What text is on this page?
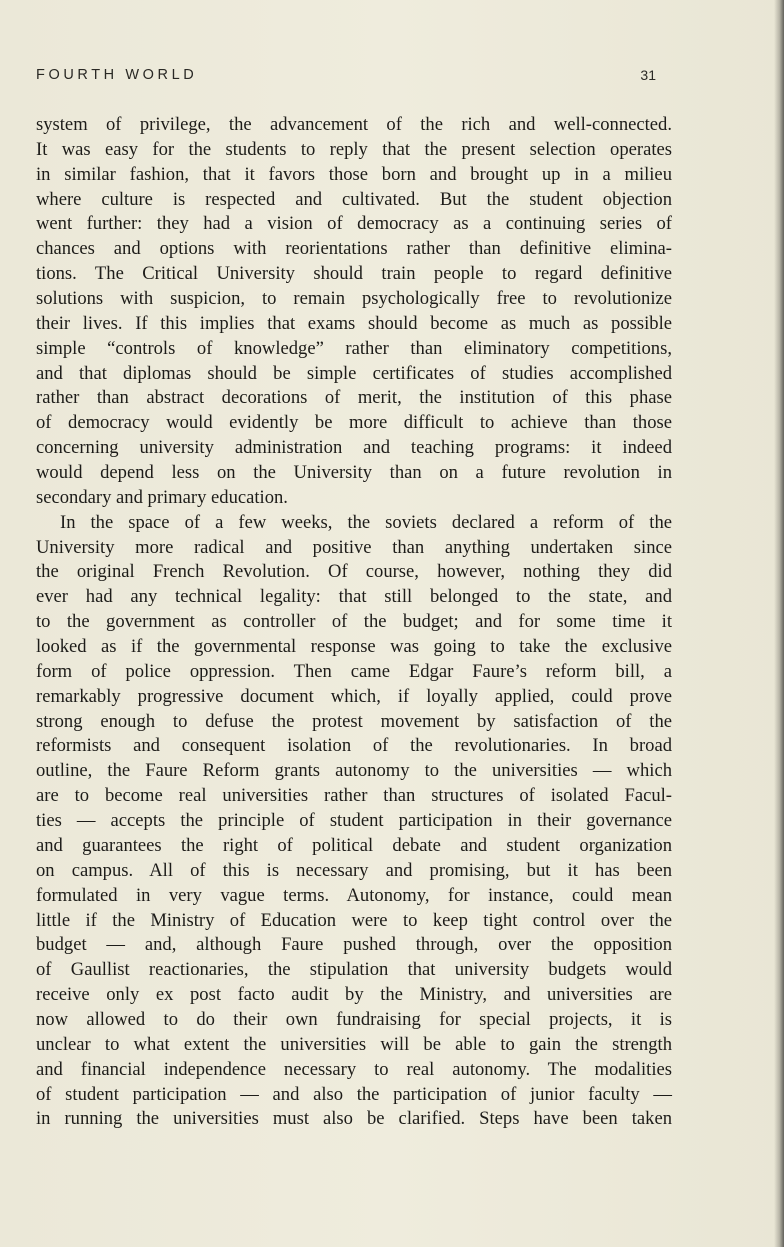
FOURTH WORLD	31
system of privilege, the advancement of the rich and well-connected.
It was easy for the students to reply that the present selection operates
in similar fashion, that it favors those born and brought up in a milieu
where culture is respected and cultivated. But the student objection
went further: they had a vision of democracy as a continuing series of
chances and options with reorientations rather than definitive elimina-
tions. The Critical University should train people to regard definitive
solutions with suspicion, to remain psychologically free to revolutionize
their lives. If this implies that exams should become as much as possible
simple “controls of knowledge” rather than eliminatory competitions,
and that diplomas should be simple certificates of studies accomplished
rather than abstract decorations of merit, the institution of this phase
of democracy would evidently be more difficult to achieve than those
concerning university administration and teaching programs: it indeed
would depend less on the University than on a future revolution in
secondary and primary education.
In the space of a few weeks, the soviets declared a reform of the
University more radical and positive than anything undertaken since
the original French Revolution. Of course, however, nothing they did
ever had any technical legality: that still belonged to the state, and
to the government as controller of the budget; and for some time it
looked as if the governmental response was going to take the exclusive
form of police oppression. Then came Edgar Faure’s reform bill, a
remarkably progressive document which, if loyally applied, could prove
strong enough to defuse the protest movement by satisfaction of the
reformists and consequent isolation of the revolutionaries. In broad
outline, the Faure Reform grants autonomy to the universities — which
are to become real universities rather than structures of isolated Facul-
ties — accepts the principle of student participation in their governance
and guarantees the right of political debate and student organization
on campus. All of this is necessary and promising, but it has been
formulated in very vague terms. Autonomy, for instance, could mean
little if the Ministry of Education were to keep tight control over the
budget — and, although Faure pushed through, over the opposition
of Gaullist reactionaries, the stipulation that university budgets would
receive only ex post facto audit by the Ministry, and universities are
now allowed to do their own fundraising for special projects, it is
unclear to what extent the universities will be able to gain the strength
and financial independence necessary to real autonomy. The modalities
of student participation — and also the participation of junior faculty —
in running the universities must also be clarified. Steps have been taken
